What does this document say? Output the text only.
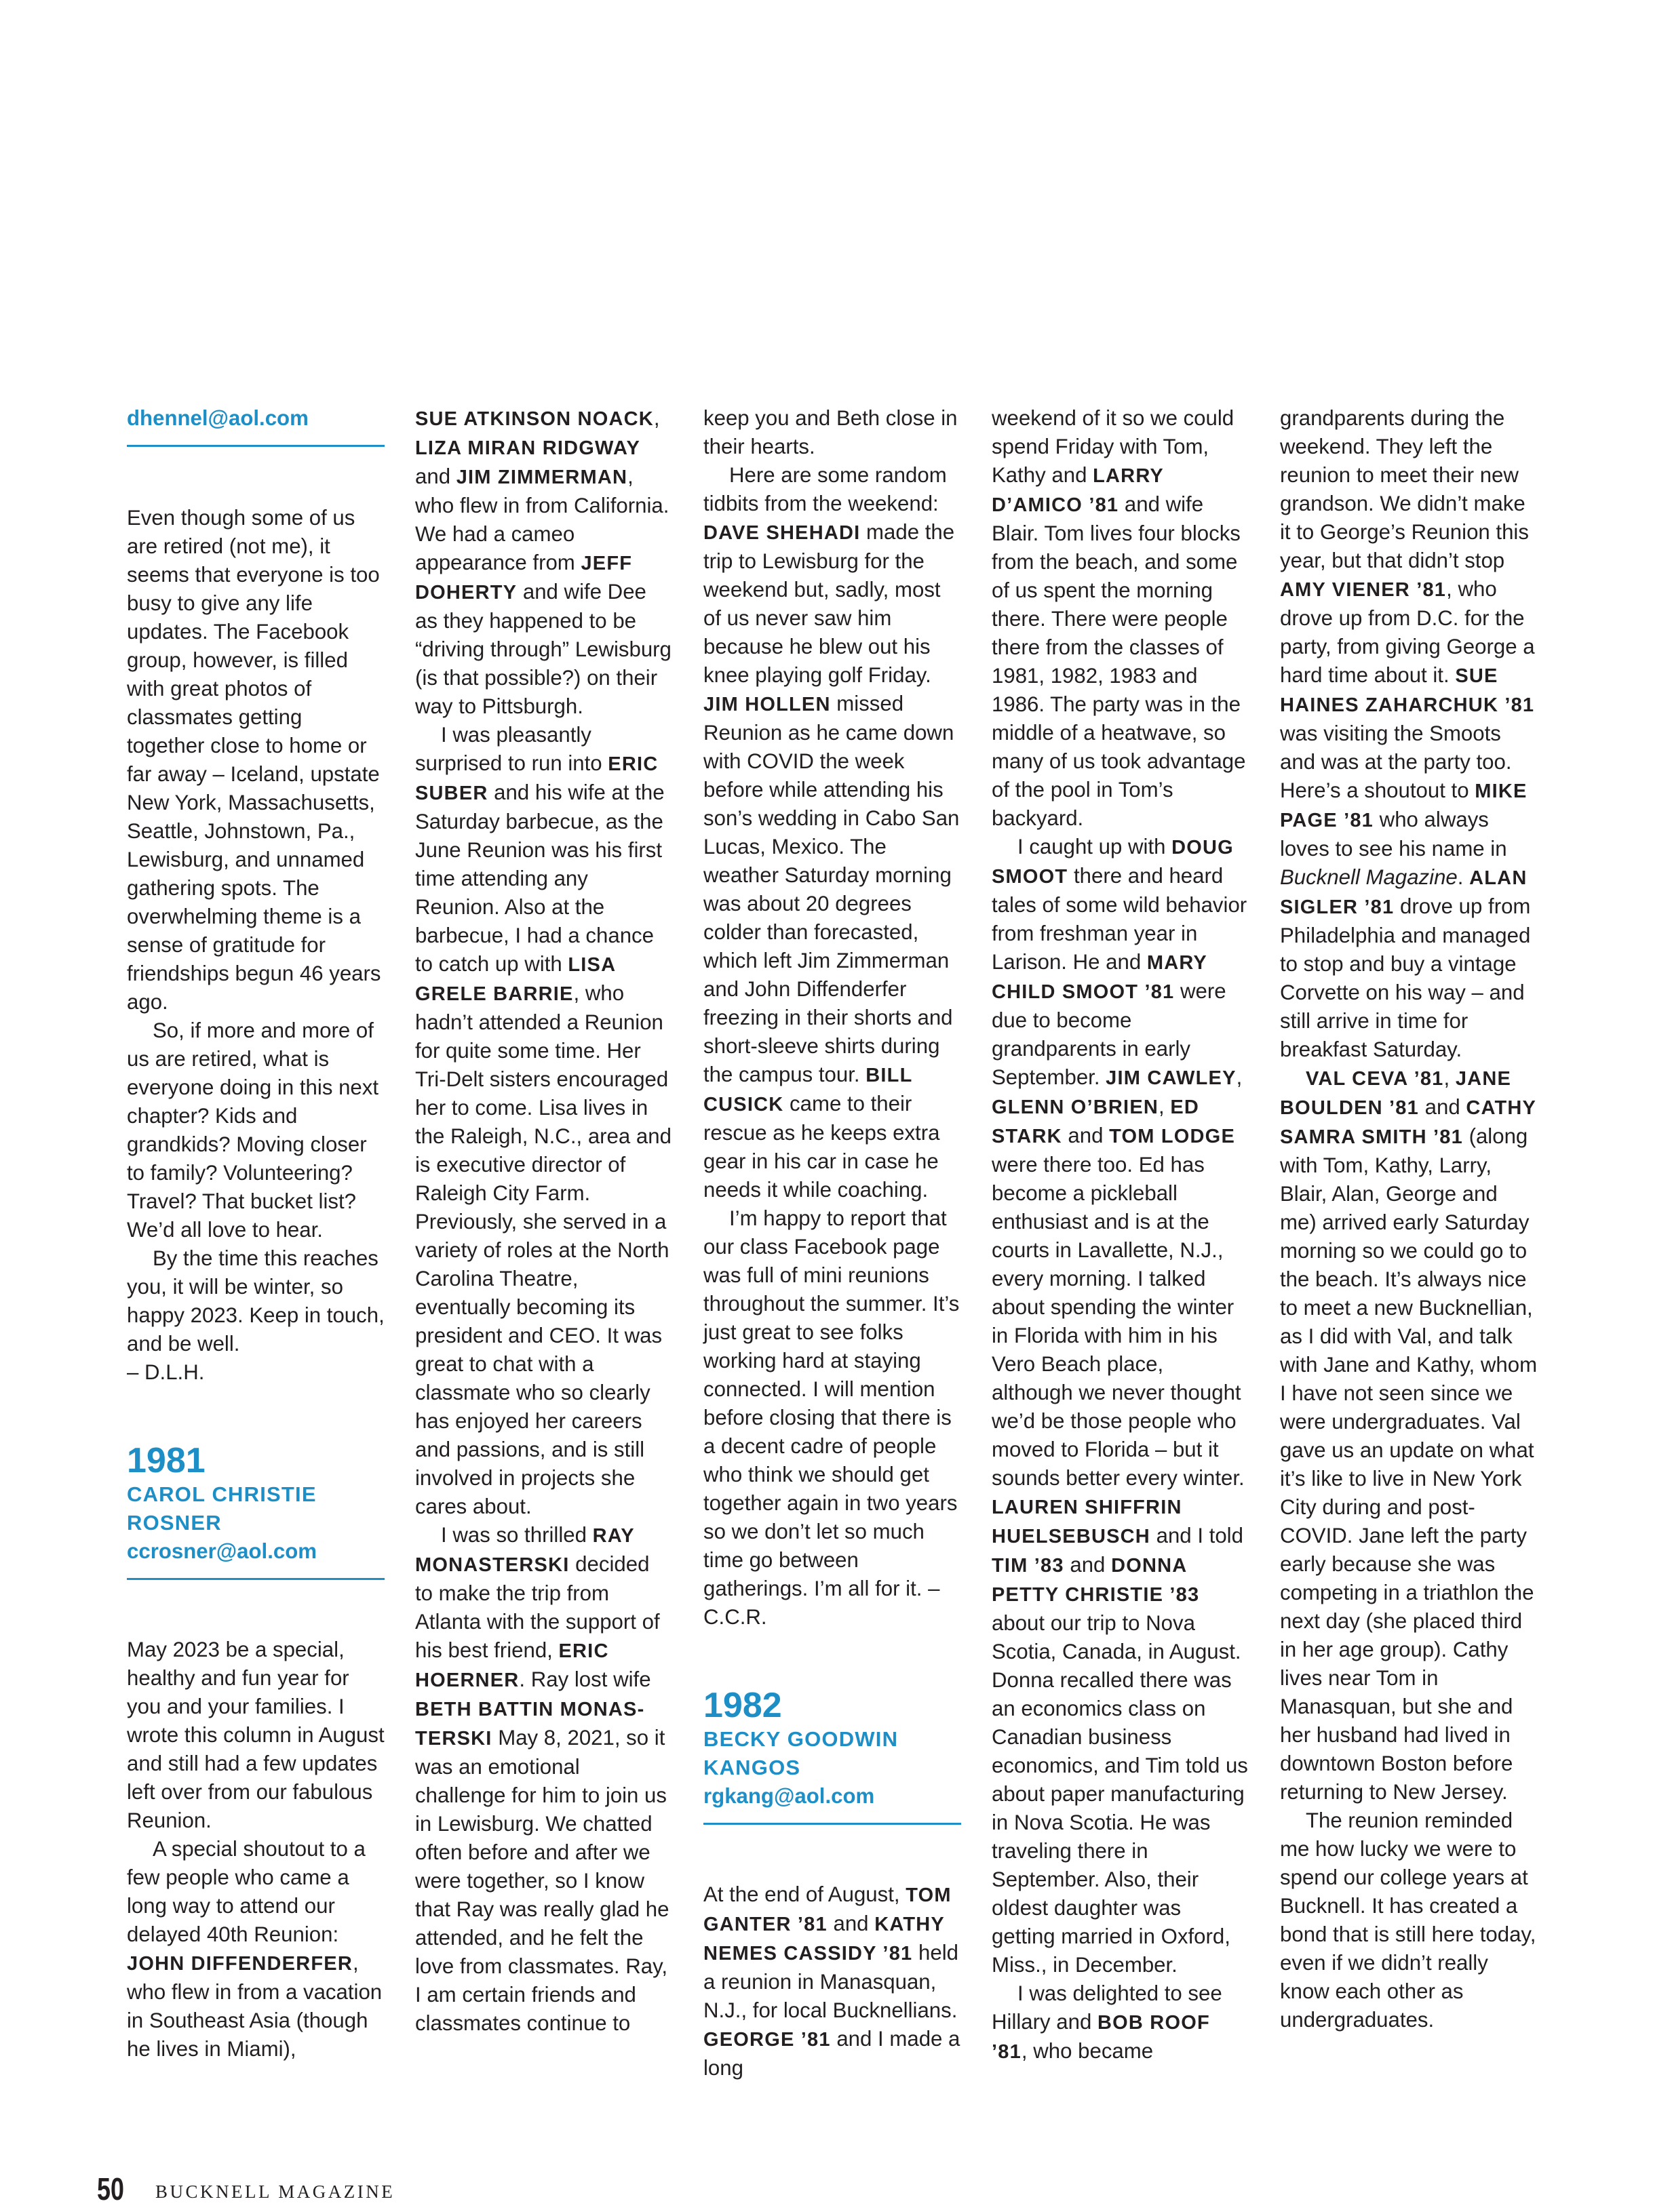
dhennel@aol.com

Even though some of us are retired (not me), it seems that everyone is too busy to give any life updates. The Facebook group, however, is filled with great photos of classmates getting together close to home or far away – Iceland, upstate New York, Massachusetts, Seattle, Johnstown, Pa., Lewisburg, and unnamed gathering spots. The overwhelming theme is a sense of gratitude for friendships begun 46 years ago.

So, if more and more of us are retired, what is everyone doing in this next chapter? Kids and grandkids? Moving closer to family? Volunteering? Travel? That bucket list? We’d all love to hear.

By the time this reaches you, it will be winter, so happy 2023. Keep in touch, and be well.

– D.L.H.

1981

CAROL CHRISTIE ROSNER

ccrosner@aol.com

May 2023 be a special, healthy and fun year for you and your families. I wrote this column in August and still had a few updates left over from our fabulous Reunion.

A special shoutout to a few people who came a long way to attend our delayed 40th Reunion: JOHN DIFFENDERFER, who flew in from a vacation in Southeast Asia (though he lives in Miami),

SUE ATKINSON NOACK, LIZA MIRAN RIDGWAY and JIM ZIMMERMAN, who flew in from California. We had a cameo appearance from JEFF DOHERTY and wife Dee as they happened to be “driving through” Lewisburg (is that possible?) on their way to Pittsburgh.

I was pleasantly surprised to run into ERIC SUBER and his wife at the Saturday barbecue, as the June Reunion was his first time attending any Reunion. Also at the barbecue, I had a chance to catch up with LISA GRELE BARRIE, who hadn’t attended a Reunion for quite some time. Her Tri-Delt sisters encouraged her to come. Lisa lives in the Raleigh, N.C., area and is executive director of Raleigh City Farm. Previously, she served in a variety of roles at the North Carolina Theatre, eventually becoming its president and CEO. It was great to chat with a classmate who so clearly has enjoyed her careers and passions, and is still involved in projects she cares about.

I was so thrilled RAY MONASTERSKI decided to make the trip from Atlanta with the support of his best friend, ERIC HOERNER. Ray lost wife BETH BATTIN MONASTERSKI May 8, 2021, so it was an emotional challenge for him to join us in Lewisburg. We chatted often before and after we were together, so I know that Ray was really glad he attended, and he felt the love from classmates. Ray, I am certain friends and classmates continue to

keep you and Beth close in their hearts.

Here are some random tidbits from the weekend: DAVE SHEHADI made the trip to Lewisburg for the weekend but, sadly, most of us never saw him because he blew out his knee playing golf Friday. JIM HOLLEN missed Reunion as he came down with COVID the week before while attending his son’s wedding in Cabo San Lucas, Mexico. The weather Saturday morning was about 20 degrees colder than forecasted, which left Jim Zimmerman and John Diffenderfer freezing in their shorts and short-sleeve shirts during the campus tour. BILL CUSICK came to their rescue as he keeps extra gear in his car in case he needs it while coaching.

I’m happy to report that our class Facebook page was full of mini reunions throughout the summer. It’s just great to see folks working hard at staying connected. I will mention before closing that there is a decent cadre of people who think we should get together again in two years so we don’t let so much time go between gatherings. I’m all for it. – C.C.R.

1982

BECKY GOODWIN KANGOS

rgkang@aol.com

At the end of August, TOM GANTER ’81 and KATHY NEMES CASSIDY ’81 held a reunion in Manasquan, N.J., for local Bucknellians. GEORGE ’81 and I made a long

weekend of it so we could spend Friday with Tom, Kathy and LARRY D’AMICO ’81 and wife Blair. Tom lives four blocks from the beach, and some of us spent the morning there. There were people there from the classes of 1981, 1982, 1983 and 1986. The party was in the middle of a heatwave, so many of us took advantage of the pool in Tom’s backyard.

I caught up with DOUG SMOOT there and heard tales of some wild behavior from freshman year in Larison. He and MARY CHILD SMOOT ’81 were due to become grandparents in early September. JIM CAWLEY, GLENN O’BRIEN, ED STARK and TOM LODGE were there too. Ed has become a pickleball enthusiast and is at the courts in Lavallette, N.J., every morning. I talked about spending the winter in Florida with him in his Vero Beach place, although we never thought we’d be those people who moved to Florida – but it sounds better every winter. LAUREN SHIFFRIN HUELSEBUSCH and I told TIM ’83 and DONNA PETTY CHRISTIE ’83 about our trip to Nova Scotia, Canada, in August. Donna recalled there was an economics class on Canadian business economics, and Tim told us about paper manufacturing in Nova Scotia. He was traveling there in September. Also, their oldest daughter was getting married in Oxford, Miss., in December.

I was delighted to see Hillary and BOB ROOF ’81, who became

grandparents during the weekend. They left the reunion to meet their new grandson. We didn’t make it to George’s Reunion this year, but that didn’t stop AMY VIENER ’81, who drove up from D.C. for the party, from giving George a hard time about it. SUE HAINES ZAHARCHUK ’81 was visiting the Smoots and was at the party too. Here’s a shoutout to MIKE PAGE ’81 who always loves to see his name in Bucknell Magazine. ALAN SIGLER ’81 drove up from Philadelphia and managed to stop and buy a vintage Corvette on his way – and still arrive in time for breakfast Saturday.

VAL CEVA ’81, JANE BOULDEN ’81 and CATHY SAMRA SMITH ’81 (along with Tom, Kathy, Larry, Blair, Alan, George and me) arrived early Saturday morning so we could go to the beach. It’s always nice to meet a new Bucknellian, as I did with Val, and talk with Jane and Kathy, whom I have not seen since we were undergraduates. Val gave us an update on what it’s like to live in New York City during and post-COVID. Jane left the party early because she was competing in a triathlon the next day (she placed third in her age group). Cathy lives near Tom in Manasquan, but she and her husband had lived in downtown Boston before returning to New Jersey.

The reunion reminded me how lucky we were to spend our college years at Bucknell. It has created a bond that is still here today, even if we didn’t really know each other as undergraduates.

50 BUCKNELL MAGAZINE
